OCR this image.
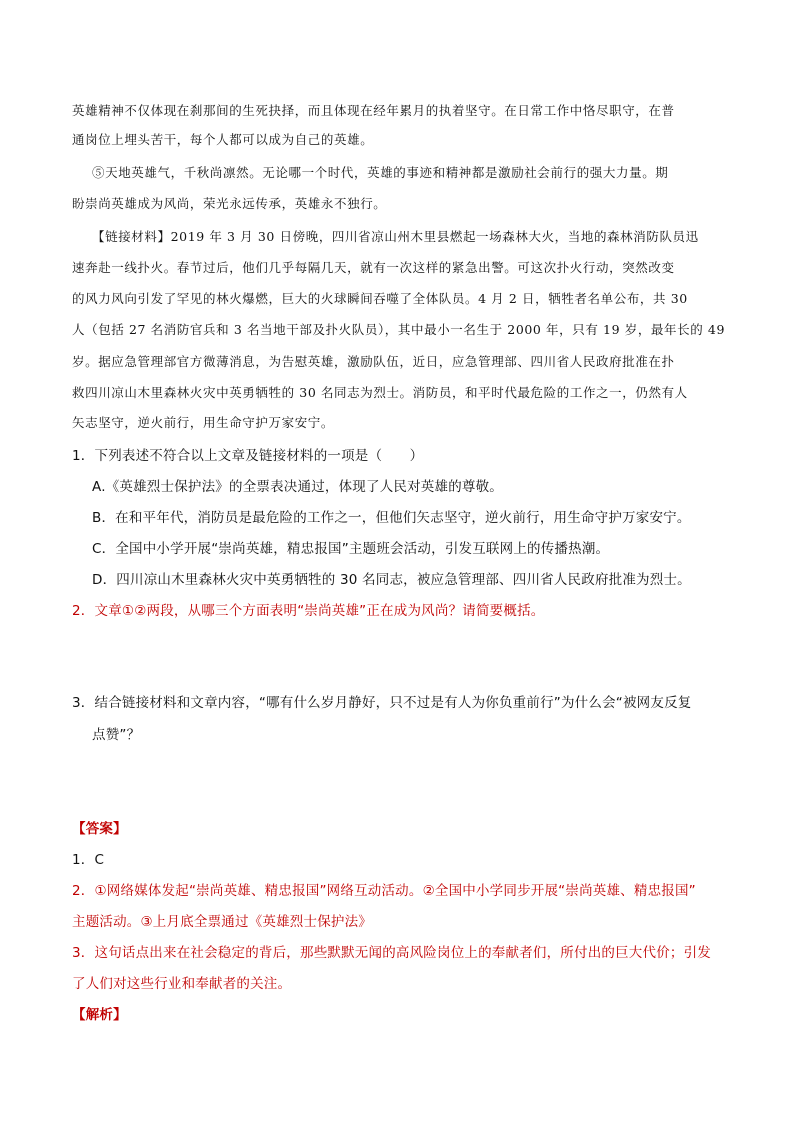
英雄精神不仅体现在刹那间的生死抉择，而且体现在经年累月的执着坚守。在日常工作中恪尽职守，在普
通岗位上埋头苦干，每个人都可以成为自己的英雄。
⑤天地英雄气，千秋尚凛然。无论哪一个时代，英雄的事迹和精神都是激励社会前行的强大力量。期
盼崇尚英雄成为风尚，荣光永远传承，英雄永不独行。
【链接材料】2019 年 3 月 30 日傍晚，四川省凉山州木里县燃起一场森林大火，当地的森林消防队员迅
速奔赴一线扑火。春节过后，他们几乎每隔几天，就有一次这样的紧急出警。可这次扑火行动，突然改变
的风力风向引发了罕见的林火爆燃，巨大的火球瞬间吞噬了全体队员。4 月 2 日，牺牲者名单公布，共 30
人（包括 27 名消防官兵和 3 名当地干部及扑火队员），其中最小一名生于 2000 年，只有 19 岁，最年长的 49
岁。据应急管理部官方微薄消息，为告慰英雄，激励队伍，近日，应急管理部、四川省人民政府批准在扑
救四川凉山木里森林火灾中英勇牺牲的 30 名同志为烈士。消防员，和平时代最危险的工作之一，仍然有人
矢志坚守，逆火前行，用生命守护万家安宁。
1．下列表述不符合以上文章及链接材料的一项是（　　）
A.《英雄烈士保护法》的全票表决通过，体现了人民对英雄的尊敬。
B．在和平年代，消防员是最危险的工作之一，但他们矢志坚守，逆火前行，用生命守护万家安宁。
C．全国中小学开展“崇尚英雄，精忠报国”主题班会活动，引发互联网上的传播热潮。
D．四川凉山木里森林火灾中英勇牺牲的 30 名同志，被应急管理部、四川省人民政府批准为烈士。
2．文章①②两段，从哪三个方面表明“崇尚英雄”正在成为风尚？请简要概括。
3．结合链接材料和文章内容，“哪有什么岁月静好，只不过是有人为你负重前行”为什么会“被网友反复
点赞”？
【答案】
1．C
2．①网络媒体发起“崇尚英雄、精忠报国”网络互动活动。②全国中小学同步开展“崇尚英雄、精忠报国”
主题活动。③上月底全票通过《英雄烈士保护法》
3．这句话点出来在社会稳定的背后，那些默默无闻的高风险岗位上的奉献者们，所付出的巨大代价；引发
了人们对这些行业和奉献者的关注。
【解析】
